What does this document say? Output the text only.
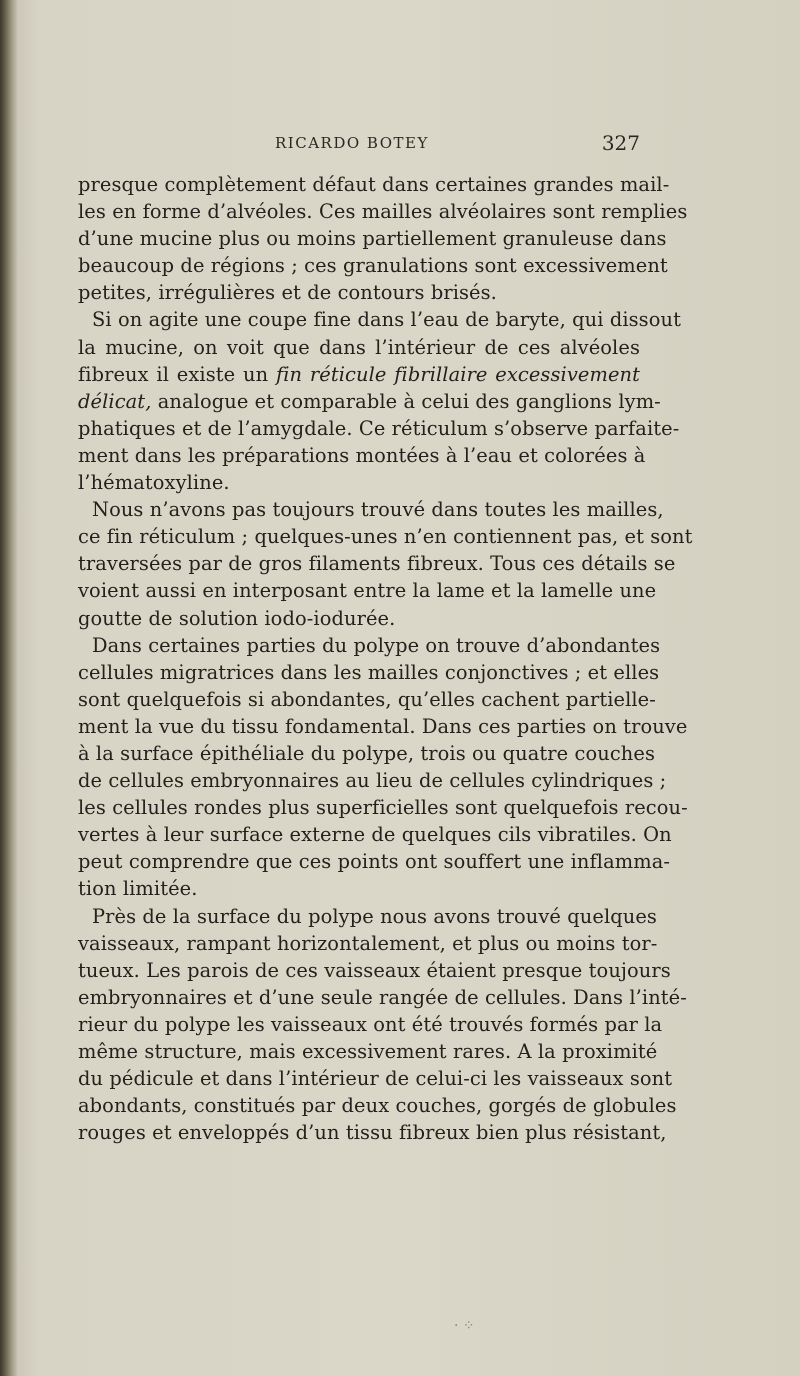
RICARDO BOTEY	327
presque complètement défaut dans certaines grandes mail-
les en forme d’alvéoles. Ces mailles alvéolaires sont remplies
d’une mucine plus ou moins partiellement granuleuse dans
beaucoup de régions ; ces granulations sont excessivement
petites, irrégulières et de contours brisés.
Si on agite une coupe fine dans l’eau de baryte, qui dissout
la mucine, on voit que dans l’intérieur de ces alvéoles
fibreux il existe un fin réticule fibrillaire excessivement
délicat, analogue et comparable à celui des ganglions lym-
phatiques et de l’amygdale. Ce réticulum s’observe parfaite-
ment dans les préparations montées à l’eau et colorées à
l’hématoxyline.
Nous n’avons pas toujours trouvé dans toutes les mailles,
ce fin réticulum ; quelques-unes n’en contiennent pas, et sont
traversées par de gros filaments fibreux. Tous ces détails se
voient aussi en interposant entre la lame et la lamelle une
goutte de solution iodo-iodurée.
Dans certaines parties du polype on trouve d’abondantes
cellules migratrices dans les mailles conjonctives ; et elles
sont quelquefois si abondantes, qu’elles cachent partielle-
ment la vue du tissu fondamental. Dans ces parties on trouve
à la surface épithéliale du polype, trois ou quatre couches
de cellules embryonnaires au lieu de cellules cylindriques ;
les cellules rondes plus superficielles sont quelquefois recou-
vertes à leur surface externe de quelques cils vibratiles. On
peut comprendre que ces points ont souffert une inflamma-
tion limitée.
Près de la surface du polype nous avons trouvé quelques
vaisseaux, rampant horizontalement, et plus ou moins tor-
tueux. Les parois de ces vaisseaux étaient presque toujours
embryonnaires et d’une seule rangée de cellules. Dans l’inté-
rieur du polype les vaisseaux ont été trouvés formés par la
même structure, mais excessivement rares. A la proximité
du pédicule et dans l’intérieur de celui-ci les vaisseaux sont
abondants, constitués par deux couches, gorgés de globules
rouges et enveloppés d’un tissu fibreux bien plus résistant,
· ⁘
